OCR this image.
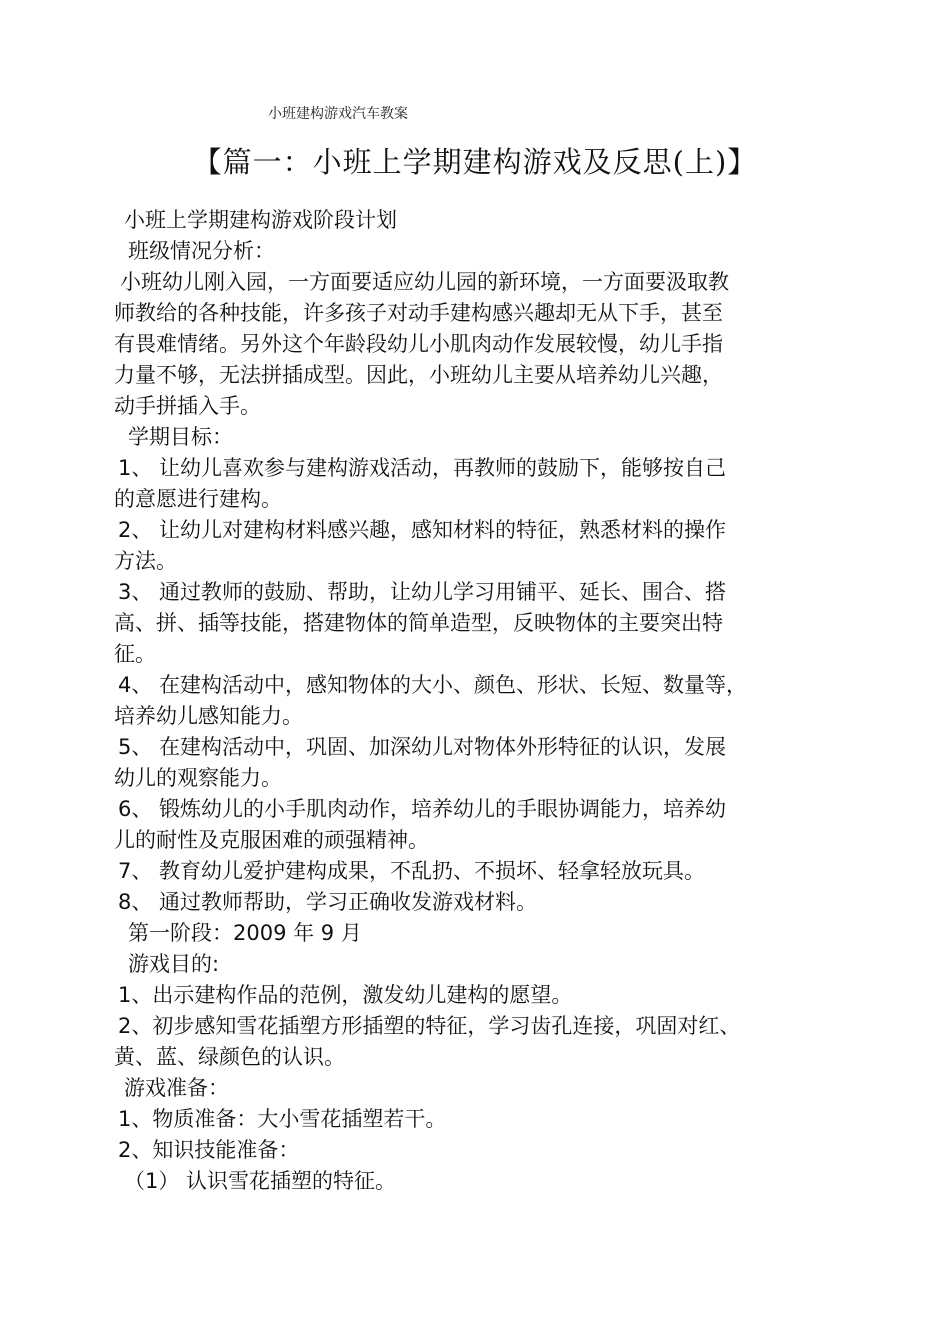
小班建构游戏汽车教案
【篇一：小班上学期建构游戏及反思(上)】
小班上学期建构游戏阶段计划
班级情况分析：
小班幼儿刚入园，一方面要适应幼儿园的新环境，一方面要汲取教
师教给的各种技能，许多孩子对动手建构感兴趣却无从下手，甚至
有畏难情绪。另外这个年龄段幼儿小肌肉动作发展较慢，幼儿手指
力量不够，无法拼插成型。因此，小班幼儿主要从培养幼儿兴趣，
动手拼插入手。
学期目标：
1、 让幼儿喜欢参与建构游戏活动，再教师的鼓励下，能够按自己
的意愿进行建构。
2、 让幼儿对建构材料感兴趣，感知材料的特征，熟悉材料的操作
方法。
3、 通过教师的鼓励、帮助，让幼儿学习用铺平、延长、围合、搭
高、拼、插等技能，搭建物体的简单造型，反映物体的主要突出特
征。
4、 在建构活动中，感知物体的大小、颜色、形状、长短、数量等，
培养幼儿感知能力。
5、 在建构活动中，巩固、加深幼儿对物体外形特征的认识，发展
幼儿的观察能力。
6、 锻炼幼儿的小手肌肉动作，培养幼儿的手眼协调能力，培养幼
儿的耐性及克服困难的顽强精神。
7、 教育幼儿爱护建构成果，不乱扔、不损坏、轻拿轻放玩具。
8、 通过教师帮助，学习正确收发游戏材料。
第一阶段：2009 年 9 月
游戏目的:
1、出示建构作品的范例，激发幼儿建构的愿望。
2、初步感知雪花插塑方形插塑的特征，学习齿孔连接，巩固对红、
黄、蓝、绿颜色的认识。
游戏准备：
1、物质准备：大小雪花插塑若干。
2、知识技能准备：
（1） 认识雪花插塑的特征。
